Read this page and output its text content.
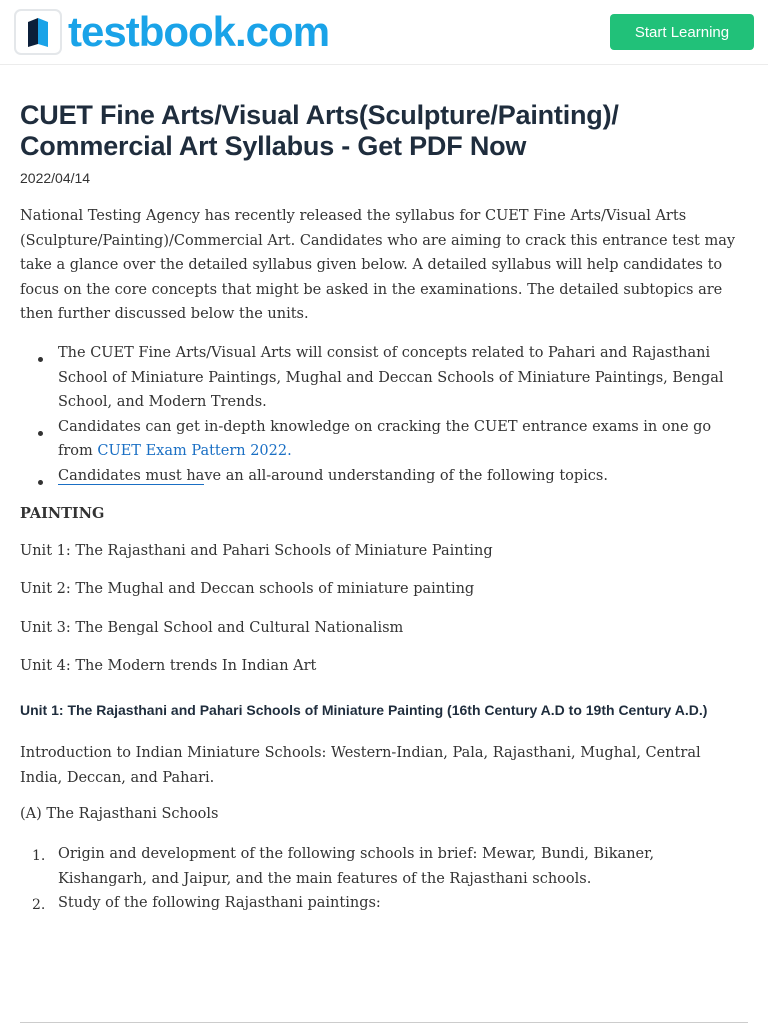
testbook.com	Start Learning
CUET Fine Arts/Visual Arts(Sculpture/Painting)/ Commercial Art Syllabus - Get PDF Now
2022/04/14

National Testing Agency has recently released the syllabus for CUET Fine Arts/Visual Arts (Sculpture/Painting)/Commercial Art. Candidates who are aiming to crack this entrance test may take a glance over the detailed syllabus given below. A detailed syllabus will help candidates to focus on the core concepts that might be asked in the examinations. The detailed subtopics are then further discussed below the units.

The CUET Fine Arts/Visual Arts will consist of concepts related to Pahari and Rajasthani School of Miniature Paintings, Mughal and Deccan Schools of Miniature Paintings, Bengal School, and Modern Trends.
Candidates can get in-depth knowledge on cracking the CUET entrance exams in one go from CUET Exam Pattern 2022.
Candidates must have an all-around understanding of the following topics.
PAINTING
Unit 1: The Rajasthani and Pahari Schools of Miniature Painting
Unit 2: The Mughal and Deccan schools of miniature painting
Unit 3: The Bengal School and Cultural Nationalism
Unit 4: The Modern trends In Indian Art
Unit 1: The Rajasthani and Pahari Schools of Miniature Painting (16th Century A.D to 19th Century A.D.)

Introduction to Indian Miniature Schools: Western-Indian, Pala, Rajasthani, Mughal, Central India, Deccan, and Pahari.

(A) The Rajasthani Schools
1. Origin and development of the following schools in brief: Mewar, Bundi, Bikaner, Kishangarh, and Jaipur, and the main features of the Rajasthani schools.
2. Study of the following Rajasthani paintings:
